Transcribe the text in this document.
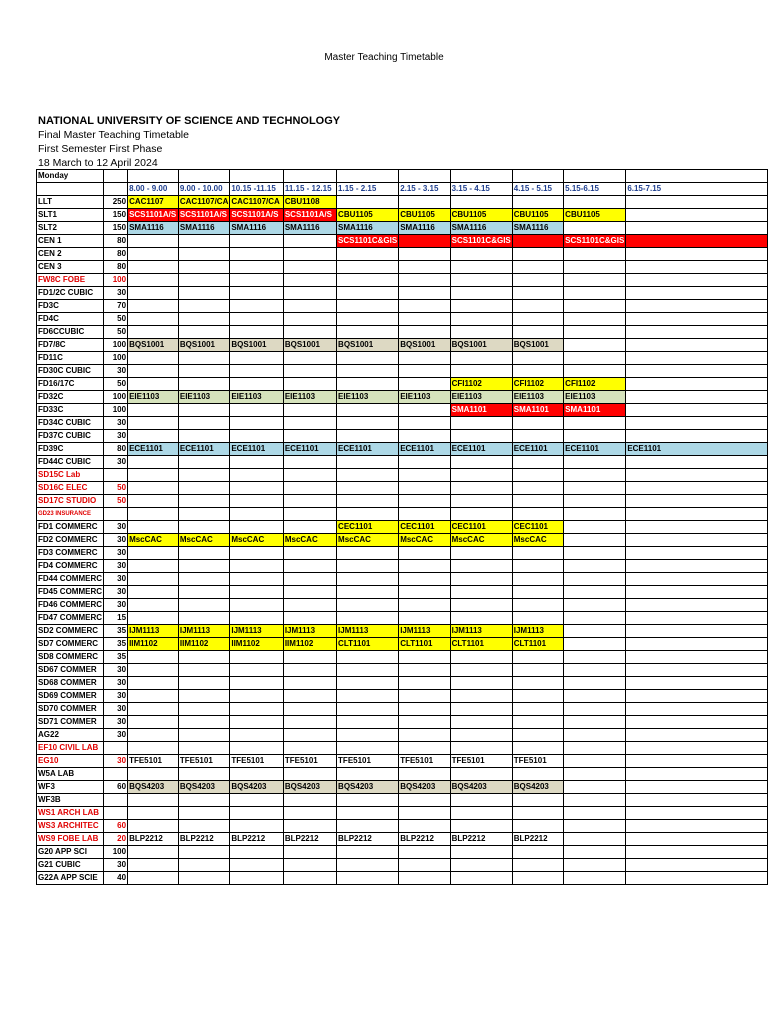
Master Teaching Timetable
NATIONAL UNIVERSITY OF SCIENCE AND TECHNOLOGY
Final Master Teaching Timetable
First Semester First Phase
18 March to 12 April 2024
Monday											
		8.00 - 9.00	9.00 - 10.00	10.15 -11.15	11.15 - 12.15	1.15 - 2.15	2.15 - 3.15	3.15 - 4.15	4.15 - 5.15	5.15-6.15	6.15-7.15
LLT	250	CAC1107	CAC1107/CA	CAC1107/CA	CBU1108						
SLT1	150	SCS1101A/S	SCS1101A/S	SCS1101A/S	SCS1101A/S	CBU1105	CBU1105	CBU1105	CBU1105	CBU1105	
SLT2	150	SMA1116	SMA1116	SMA1116	SMA1116	SMA1116	SMA1116	SMA1116	SMA1116		
CEN 1	80					SCS1101C&GIS		SCS1101C&GIS		SCS1101C&GIS	
CEN 2	80										
CEN 3	80										
FW8C FOBE	100										
FD1/2C CUBIC	30										
FD3C	70										
FD4C	50										
FD6CCUBIC	50										
FD7/8C	100	BQS1001	BQS1001	BQS1001	BQS1001	BQS1001	BQS1001	BQS1001	BQS1001		
FD11C	100										
FD30C CUBIC	30										
FD16/17C	50							CFI1102	CFI1102	CFI1102	
FD32C	100	EIE1103	EIE1103	EIE1103	EIE1103	EIE1103	EIE1103	EIE1103	EIE1103	EIE1103	
FD33C	100							SMA1101	SMA1101	SMA1101	
FD34C CUBIC	30										
FD37C CUBIC	30										
FD39C	80	ECE1101	ECE1101	ECE1101	ECE1101	ECE1101	ECE1101	ECE1101	ECE1101	ECE1101	ECE1101
FD44C CUBIC	30										
SD15C Lab											
SD16C ELEC	50										
SD17C STUDIO	50										
GD23 INSURANCE											
FD1 COMMERC	30					CEC1101	CEC1101	CEC1101	CEC1101		
FD2 COMMERC	30	MscCAC	MscCAC	MscCAC	MscCAC	MscCAC	MscCAC	MscCAC	MscCAC		
FD3 COMMERC	30										
FD4 COMMERC	30										
FD44 COMMERC	30										
FD45 COMMERC	30										
FD46 COMMERC	30										
FD47 COMMERC	15										
SD2 COMMERC	35	IJM1113	IJM1113	IJM1113	IJM1113	IJM1113	IJM1113	IJM1113	IJM1113		
SD7 COMMERC	35	IIM1102	IIM1102	IIM1102	IIM1102	CLT1101	CLT1101	CLT1101	CLT1101		
SD8 COMMERC	35										
SD67 COMMER	30										
SD68 COMMER	30										
SD69 COMMER	30										
SD70 COMMER	30										
SD71 COMMER	30										
AG22	30										
EF10 CIVIL LAB											
EG10	30	TFE5101	TFE5101	TFE5101	TFE5101	TFE5101	TFE5101	TFE5101	TFE5101		
W5A LAB											
WF3	60	BQS4203	BQS4203	BQS4203	BQS4203	BQS4203	BQS4203	BQS4203	BQS4203		
WF3B											
WS1 ARCH LAB											
WS3 ARCHITEC	60										
WS9 FOBE LAB	20	BLP2212	BLP2212	BLP2212	BLP2212	BLP2212	BLP2212	BLP2212	BLP2212		
G20 APP SCI	100										
G21 CUBIC	30										
G22A APP SCIE	40										
